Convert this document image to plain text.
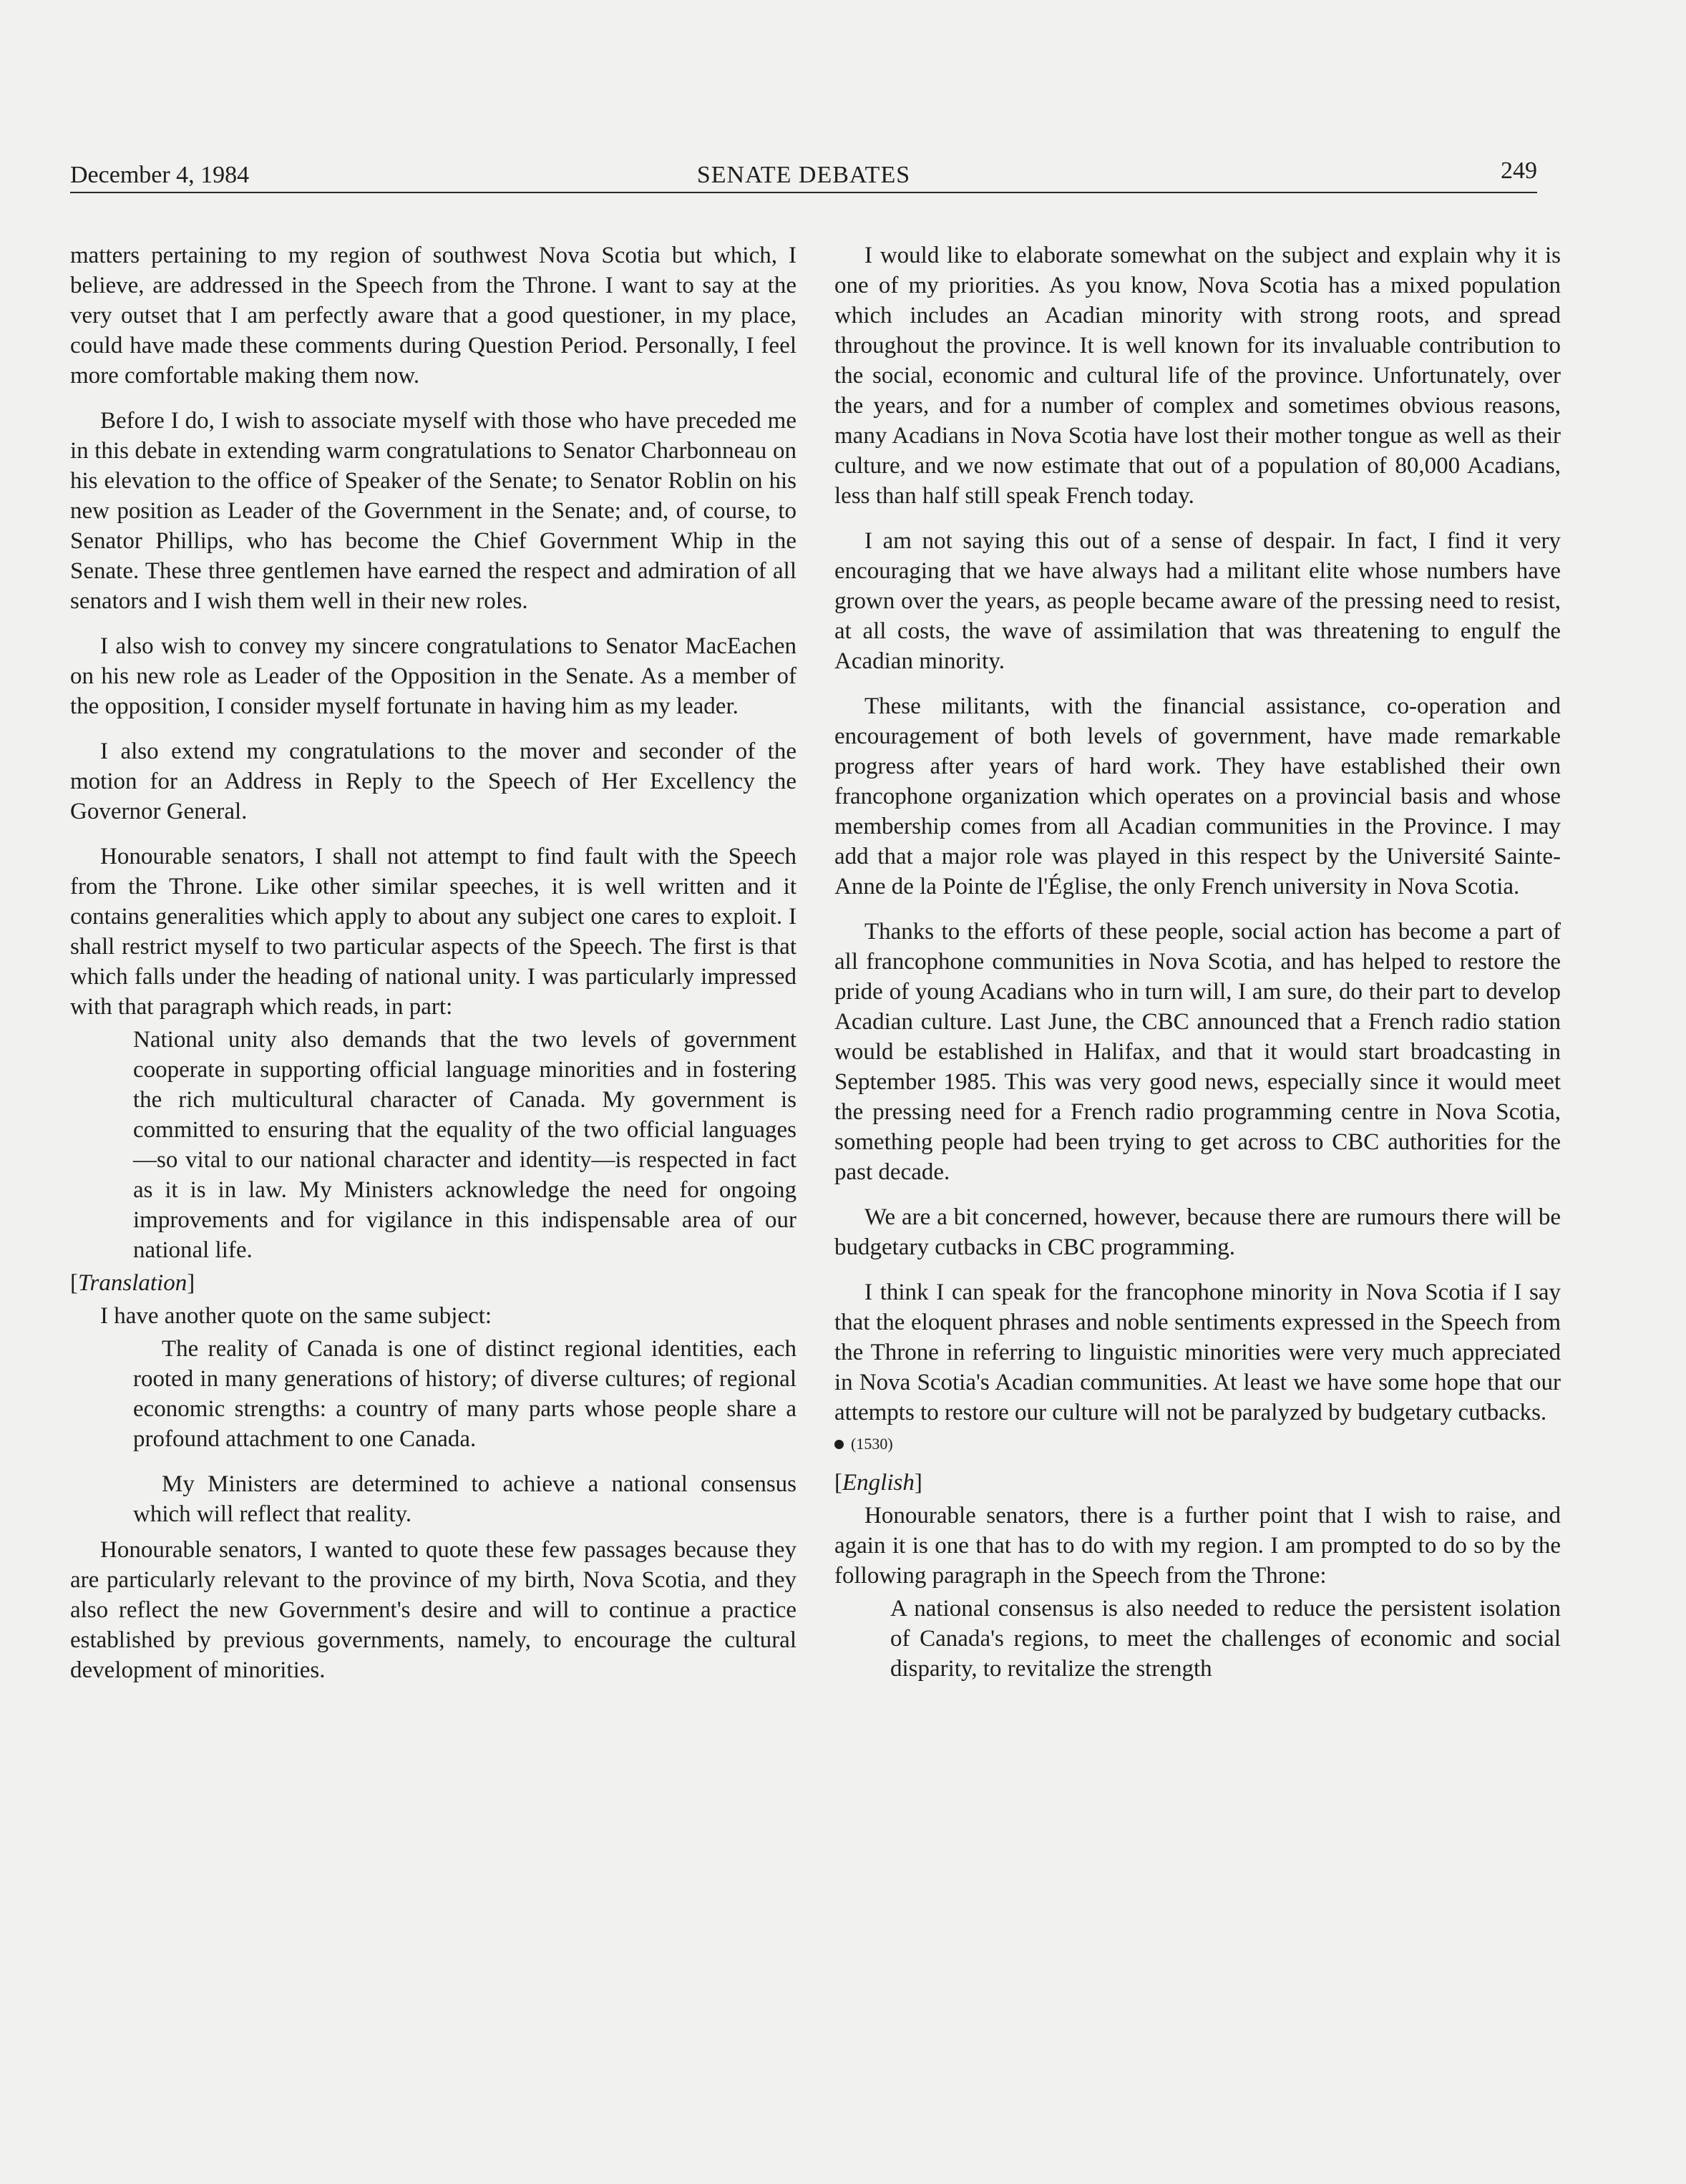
December 4, 1984	SENATE DEBATES	249

matters pertaining to my region of southwest Nova Scotia but which, I believe, are addressed in the Speech from the Throne. I want to say at the very outset that I am perfectly aware that a good questioner, in my place, could have made these comments during Question Period. Personally, I feel more comfortable making them now.

Before I do, I wish to associate myself with those who have preceded me in this debate in extending warm congratulations to Senator Charbonneau on his elevation to the office of Speaker of the Senate; to Senator Roblin on his new position as Leader of the Government in the Senate; and, of course, to Senator Phillips, who has become the Chief Government Whip in the Senate. These three gentlemen have earned the respect and admiration of all senators and I wish them well in their new roles.

I also wish to convey my sincere congratulations to Senator MacEachen on his new role as Leader of the Opposition in the Senate. As a member of the opposition, I consider myself fortunate in having him as my leader.

I also extend my congratulations to the mover and seconder of the motion for an Address in Reply to the Speech of Her Excellency the Governor General.

Honourable senators, I shall not attempt to find fault with the Speech from the Throne. Like other similar speeches, it is well written and it contains generalities which apply to about any subject one cares to exploit. I shall restrict myself to two particular aspects of the Speech. The first is that which falls under the heading of national unity. I was particularly impressed with that paragraph which reads, in part:

National unity also demands that the two levels of government cooperate in supporting official language minorities and in fostering the rich multicultural character of Canada. My government is committed to ensuring that the equality of the two official languages—so vital to our national character and identity—is respected in fact as it is in law. My Ministers acknowledge the need for ongoing improvements and for vigilance in this indispensable area of our national life.

[Translation]

I have another quote on the same subject:

The reality of Canada is one of distinct regional identities, each rooted in many generations of history; of diverse cultures; of regional economic strengths: a country of many parts whose people share a profound attachment to one Canada.

My Ministers are determined to achieve a national consensus which will reflect that reality.

Honourable senators, I wanted to quote these few passages because they are particularly relevant to the province of my birth, Nova Scotia, and they also reflect the new Government's desire and will to continue a practice established by previous governments, namely, to encourage the cultural development of minorities.

I would like to elaborate somewhat on the subject and explain why it is one of my priorities. As you know, Nova Scotia has a mixed population which includes an Acadian minority with strong roots, and spread throughout the province. It is well known for its invaluable contribution to the social, economic and cultural life of the province. Unfortunately, over the years, and for a number of complex and sometimes obvious reasons, many Acadians in Nova Scotia have lost their mother tongue as well as their culture, and we now estimate that out of a population of 80,000 Acadians, less than half still speak French today.

I am not saying this out of a sense of despair. In fact, I find it very encouraging that we have always had a militant elite whose numbers have grown over the years, as people became aware of the pressing need to resist, at all costs, the wave of assimilation that was threatening to engulf the Acadian minority.

These militants, with the financial assistance, co-operation and encouragement of both levels of government, have made remarkable progress after years of hard work. They have established their own francophone organization which operates on a provincial basis and whose membership comes from all Acadian communities in the Province. I may add that a major role was played in this respect by the Université Sainte-Anne de la Pointe de l'Église, the only French university in Nova Scotia.

Thanks to the efforts of these people, social action has become a part of all francophone communities in Nova Scotia, and has helped to restore the pride of young Acadians who in turn will, I am sure, do their part to develop Acadian culture. Last June, the CBC announced that a French radio station would be established in Halifax, and that it would start broadcasting in September 1985. This was very good news, especially since it would meet the pressing need for a French radio programming centre in Nova Scotia, something people had been trying to get across to CBC authorities for the past decade.

We are a bit concerned, however, because there are rumours there will be budgetary cutbacks in CBC programming.

I think I can speak for the francophone minority in Nova Scotia if I say that the eloquent phrases and noble sentiments expressed in the Speech from the Throne in referring to linguistic minorities were very much appreciated in Nova Scotia's Acadian communities. At least we have some hope that our attempts to restore our culture will not be paralyzed by budgetary cutbacks.

(1530)
[English]

Honourable senators, there is a further point that I wish to raise, and again it is one that has to do with my region. I am prompted to do so by the following paragraph in the Speech from the Throne:

A national consensus is also needed to reduce the persistent isolation of Canada's regions, to meet the challenges of economic and social disparity, to revitalize the strength
